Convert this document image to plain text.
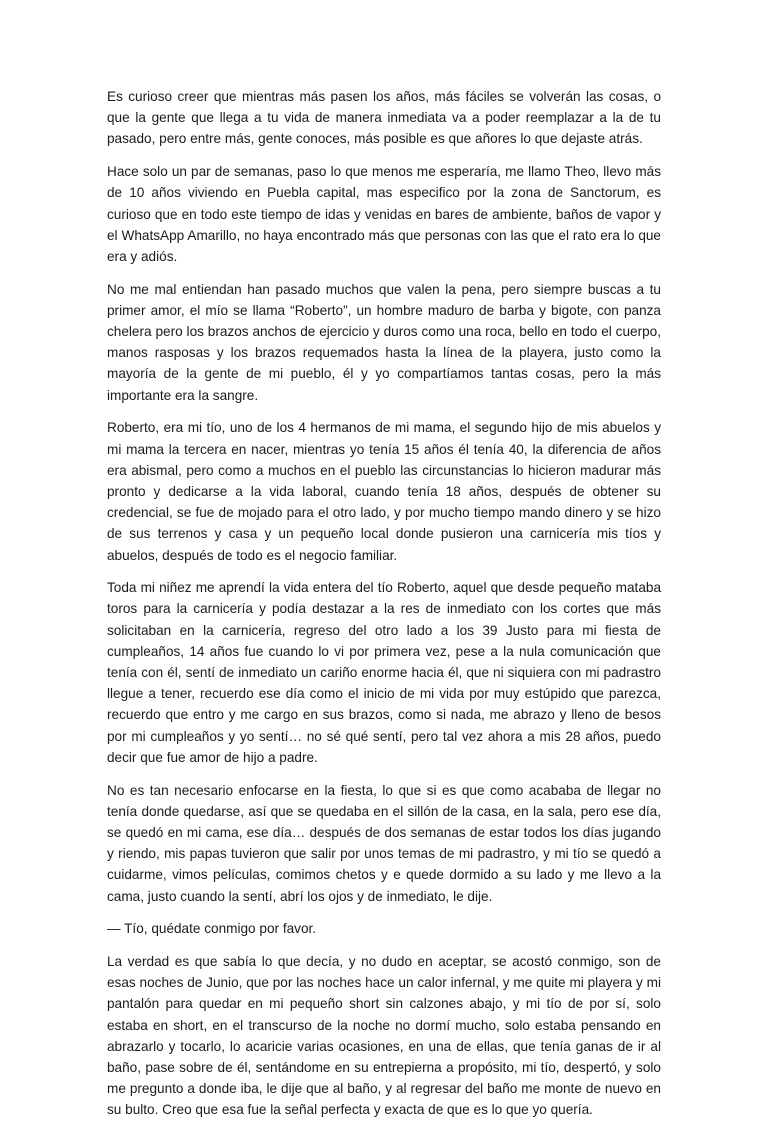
Es curioso creer que mientras más pasen los años, más fáciles se volverán las cosas, o que la gente que llega a tu vida de manera inmediata va a poder reemplazar a la de tu pasado, pero entre más, gente conoces, más posible es que añores lo que dejaste atrás.

Hace solo un par de semanas, paso lo que menos me esperaría, me llamo Theo, llevo más de 10 años viviendo en Puebla capital, mas especifico por la zona de Sanctorum, es curioso que en todo este tiempo de idas y venidas en bares de ambiente, baños de vapor y el WhatsApp Amarillo, no haya encontrado más que personas con las que el rato era lo que era y adiós.

No me mal entiendan han pasado muchos que valen la pena, pero siempre buscas a tu primer amor, el mío se llama “Roberto”, un hombre maduro de barba y bigote, con panza chelera pero los brazos anchos de ejercicio y duros como una roca, bello en todo el cuerpo, manos rasposas y los brazos requemados hasta la línea de la playera, justo como la mayoría de la gente de mi pueblo, él y yo compartíamos tantas cosas, pero la más importante era la sangre.

Roberto, era mi tío, uno de los 4 hermanos de mi mama, el segundo hijo de mis abuelos y mi mama la tercera en nacer, mientras yo tenía 15 años él tenía 40, la diferencia de años era abismal, pero como a muchos en el pueblo las circunstancias lo hicieron madurar más pronto y dedicarse a la vida laboral, cuando tenía 18 años, después de obtener su credencial, se fue de mojado para el otro lado, y por mucho tiempo mando dinero y se hizo de sus terrenos y casa y un pequeño local donde pusieron una carnicería mis tíos y abuelos, después de todo es el negocio familiar.

Toda mi niñez me aprendí la vida entera del tío Roberto, aquel que desde pequeño mataba toros para la carnicería y podía destazar a la res de inmediato con los cortes que más solicitaban en la carnicería, regreso del otro lado a los 39 Justo para mi fiesta de cumpleaños, 14 años fue cuando lo vi por primera vez, pese a la nula comunicación que tenía con él, sentí de inmediato un cariño enorme hacia él, que ni siquiera con mi padrastro llegue a tener, recuerdo ese día como el inicio de mi vida por muy estúpido que parezca, recuerdo que entro y me cargo en sus brazos, como si nada, me abrazo y lleno de besos por mi cumpleaños y yo sentí… no sé qué sentí, pero tal vez ahora a mis 28 años, puedo decir que fue amor de hijo a padre.

No es tan necesario enfocarse en la fiesta, lo que si es que como acababa de llegar no tenía donde quedarse, así que se quedaba en el sillón de la casa, en la sala, pero ese día, se quedó en mi cama, ese día… después de dos semanas de estar todos los días jugando y riendo, mis papas tuvieron que salir por unos temas de mi padrastro, y mi tío se quedó a cuidarme, vimos películas, comimos chetos y e quede dormido a su lado y me llevo a la cama, justo cuando la sentí, abrí los ojos y de inmediato, le dije.

— Tío, quédate conmigo por favor.

La verdad es que sabía lo que decía, y no dudo en aceptar, se acostó conmigo, son de esas noches de Junio, que por las noches hace un calor infernal, y me quite mi playera y mi pantalón para quedar en mi pequeño short sin calzones abajo, y mi tío de por sí, solo estaba en short, en el transcurso de la noche no dormí mucho, solo estaba pensando en abrazarlo y tocarlo, lo acaricie varias ocasiones, en una de ellas, que tenía ganas de ir al baño, pase sobre de él, sentándome en su entrepierna a propósito, mi tío, despertó, y solo me pregunto a donde iba, le dije que al baño, y al regresar del baño me monte de nuevo en su bulto. Creo que esa fue la señal perfecta y exacta de que es lo que yo quería.
